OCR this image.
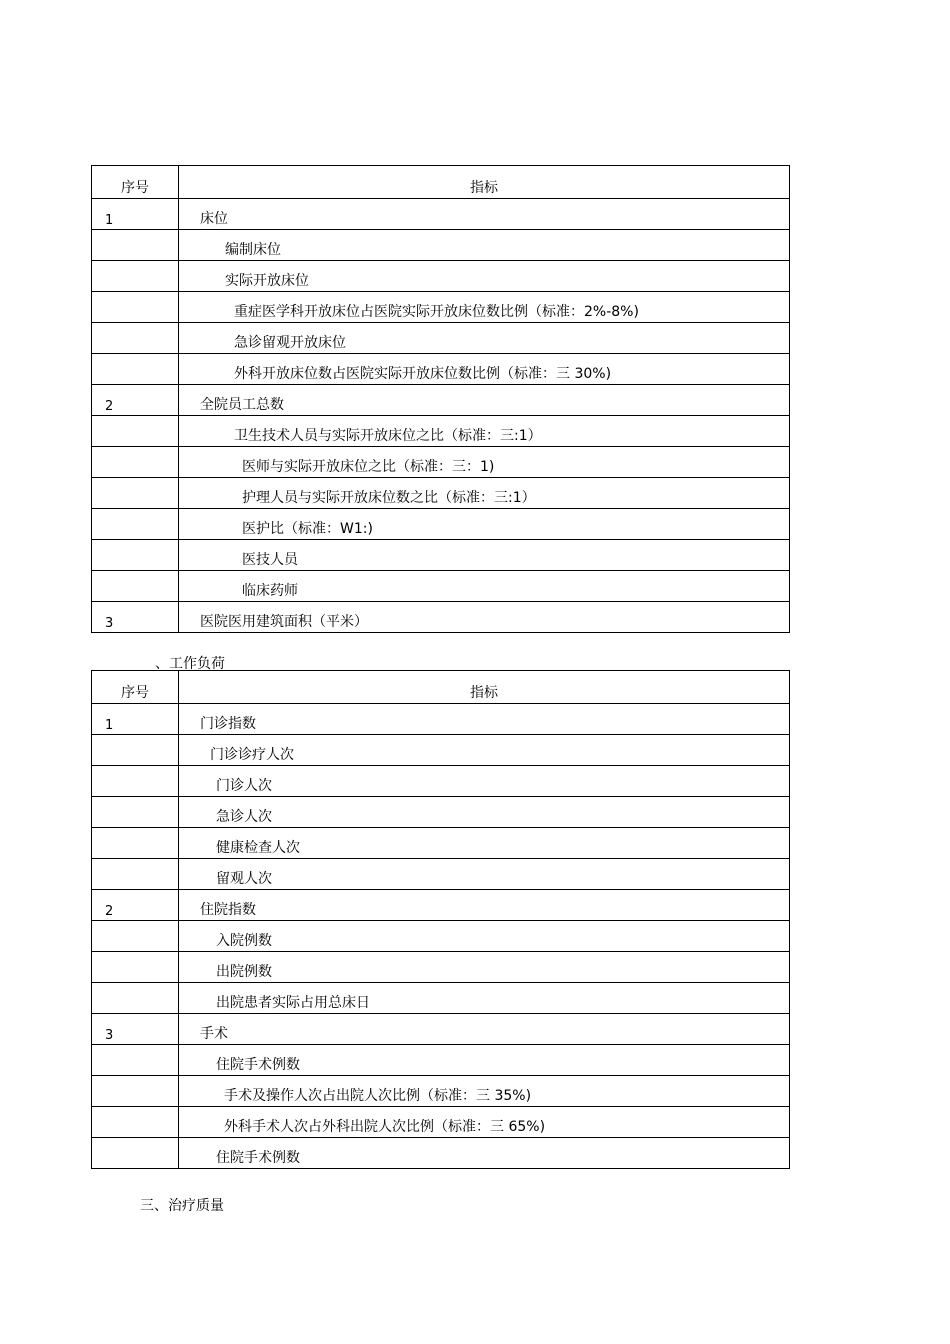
序号	指标
1	床位
编制床位
实际开放床位
重症医学科开放床位占医院实际开放床位数比例（标准：2%-8%)
急诊留观开放床位
外科开放床位数占医院实际开放床位数比例（标准：三 30%)
2	全院员工总数
卫生技术人员与实际开放床位之比（标准：三:1）
医师与实际开放床位之比（标准：三：1)
护理人员与实际开放床位数之比（标准：三:1）
医护比（标准：W1:)
医技人员
临床药师
3	医院医用建筑面积（平米）
、工作负荷
序号	指标
1	门诊指数
门诊诊疗人次
门诊人次
急诊人次
健康检查人次
留观人次
2	住院指数
入院例数
出院例数
出院患者实际占用总床日
3	手术
住院手术例数
手术及操作人次占出院人次比例（标准：三 35%)
外科手术人次占外科出院人次比例（标准：三 65%)
住院手术例数
三、治疗质量
